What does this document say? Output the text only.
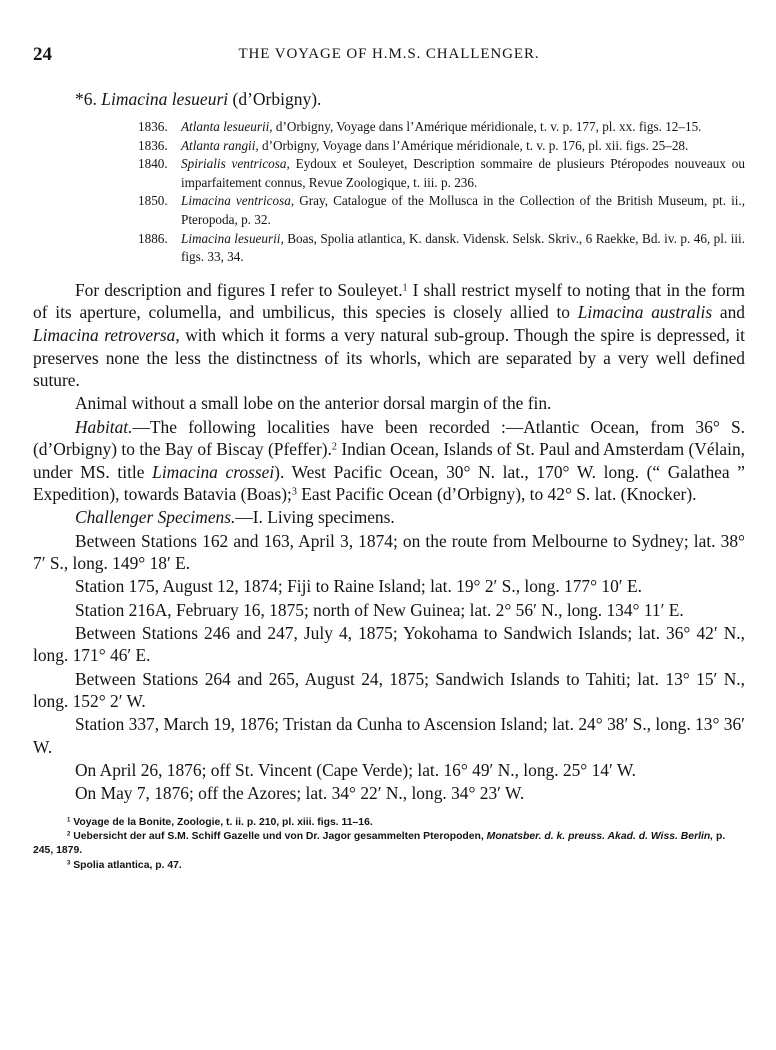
24	THE VOYAGE OF H.M.S. CHALLENGER.
*6. Limacina lesueuri (d’Orbigny).
1836. Atlanta lesueurii, d’Orbigny, Voyage dans l’Amérique méridionale, t. v. p. 177, pl. xx. figs. 12–15.
1836. Atlanta rangii, d’Orbigny, Voyage dans l’Amérique méridionale, t. v. p. 176, pl. xii. figs. 25–28.
1840. Spirialis ventricosa, Eydoux et Souleyet, Description sommaire de plusieurs Ptéropodes nouveaux ou imparfaitement connus, Revue Zoologique, t. iii. p. 236.
1850. Limacina ventricosa, Gray, Catalogue of the Mollusca in the Collection of the British Museum, pt. ii., Pteropoda, p. 32.
1886. Limacina lesueurii, Boas, Spolia atlantica, K. dansk. Vidensk. Selsk. Skriv., 6 Raekke, Bd. iv. p. 46, pl. iii. figs. 33, 34.

For description and figures I refer to Souleyet.$^1$ I shall restrict myself to noting that in the form of its aperture, columella, and umbilicus, this species is closely allied to Limacina australis and Limacina retroversa, with which it forms a very natural sub-group. Though the spire is depressed, it preserves none the less the distinctness of its whorls, which are separated by a very well defined suture.

Animal without a small lobe on the anterior dorsal margin of the fin.

Habitat.—The following localities have been recorded :—Atlantic Ocean, from 36° S. (d’Orbigny) to the Bay of Biscay (Pfeffer).$^2$ Indian Ocean, Islands of St. Paul and Amsterdam (Vélain, under MS. title Limacina crossei). West Pacific Ocean, 30° N. lat., 170° W. long. (“ Galathea ” Expedition), towards Batavia (Boas);$^3$ East Pacific Ocean (d’Orbigny), to 42° S. lat. (Knocker).

Challenger Specimens.—I. Living specimens.

Between Stations 162 and 163, April 3, 1874; on the route from Melbourne to Sydney; lat. 38° 7′ S., long. 149° 18′ E.

Station 175, August 12, 1874; Fiji to Raine Island; lat. 19° 2′ S., long. 177° 10′ E.

Station 216A, February 16, 1875; north of New Guinea; lat. 2° 56′ N., long. 134° 11′ E.

Between Stations 246 and 247, July 4, 1875; Yokohama to Sandwich Islands; lat. 36° 42′ N., long. 171° 46′ E.

Between Stations 264 and 265, August 24, 1875; Sandwich Islands to Tahiti; lat. 13° 15′ N., long. 152° 2′ W.

Station 337, March 19, 1876; Tristan da Cunha to Ascension Island; lat. 24° 38′ S., long. 13° 36′ W.

On April 26, 1876; off St. Vincent (Cape Verde); lat. 16° 49′ N., long. 25° 14′ W.

On May 7, 1876; off the Azores; lat. 34° 22′ N., long. 34° 23′ W.

$^1$ Voyage de la Bonite, Zoologie, t. ii. p. 210, pl. xiii. figs. 11–16.

$^2$ Uebersicht der auf S.M. Schiff Gazelle und von Dr. Jagor gesammelten Pteropoden, Monatsber. d. k. preuss. Akad. d. Wiss. Berlin, p. 245, 1879.

$^3$ Spolia atlantica, p. 47.
